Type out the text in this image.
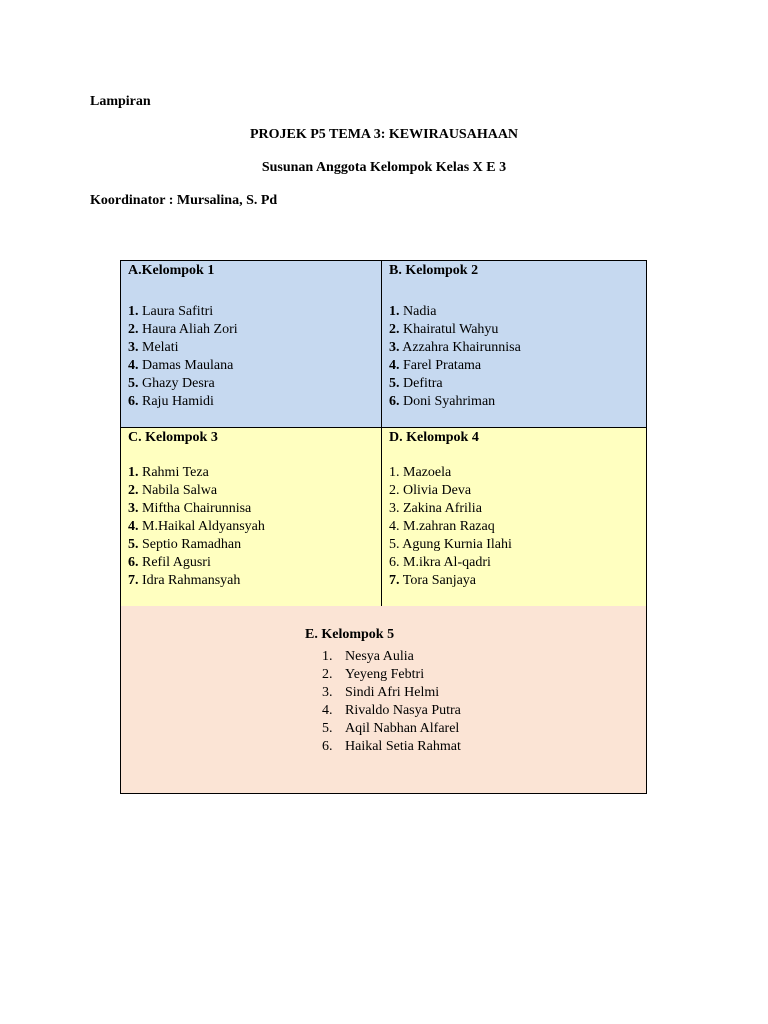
Lampiran
PROJEK P5 TEMA 3: KEWIRAUSAHAAN
Susunan Anggota Kelompok Kelas X E 3
Koordinator : Mursalina, S. Pd
A.Kelompok 1
1. Laura Safitri
2. Haura Aliah Zori
3. Melati
4. Damas Maulana
5. Ghazy Desra
6. Raju Hamidi
B. Kelompok 2
1. Nadia
2. Khairatul Wahyu
3. Azzahra Khairunnisa
4. Farel Pratama
5. Defitra
6. Doni Syahriman
C. Kelompok 3
1. Rahmi Teza
2. Nabila Salwa
3. Miftha Chairunnisa
4. M.Haikal Aldyansyah
5. Septio Ramadhan
6. Refil Agusri
7. Idra Rahmansyah
D. Kelompok 4
1. Mazoela
2. Olivia Deva
3. Zakina Afrilia
4. M.zahran Razaq
5. Agung Kurnia Ilahi
6. M.ikra Al-qadri
7. Tora Sanjaya
E. Kelompok 5
1. Nesya Aulia
2. Yeyeng Febtri
3. Sindi Afri Helmi
4. Rivaldo Nasya Putra
5. Aqil Nabhan Alfarel
6. Haikal Setia Rahmat
